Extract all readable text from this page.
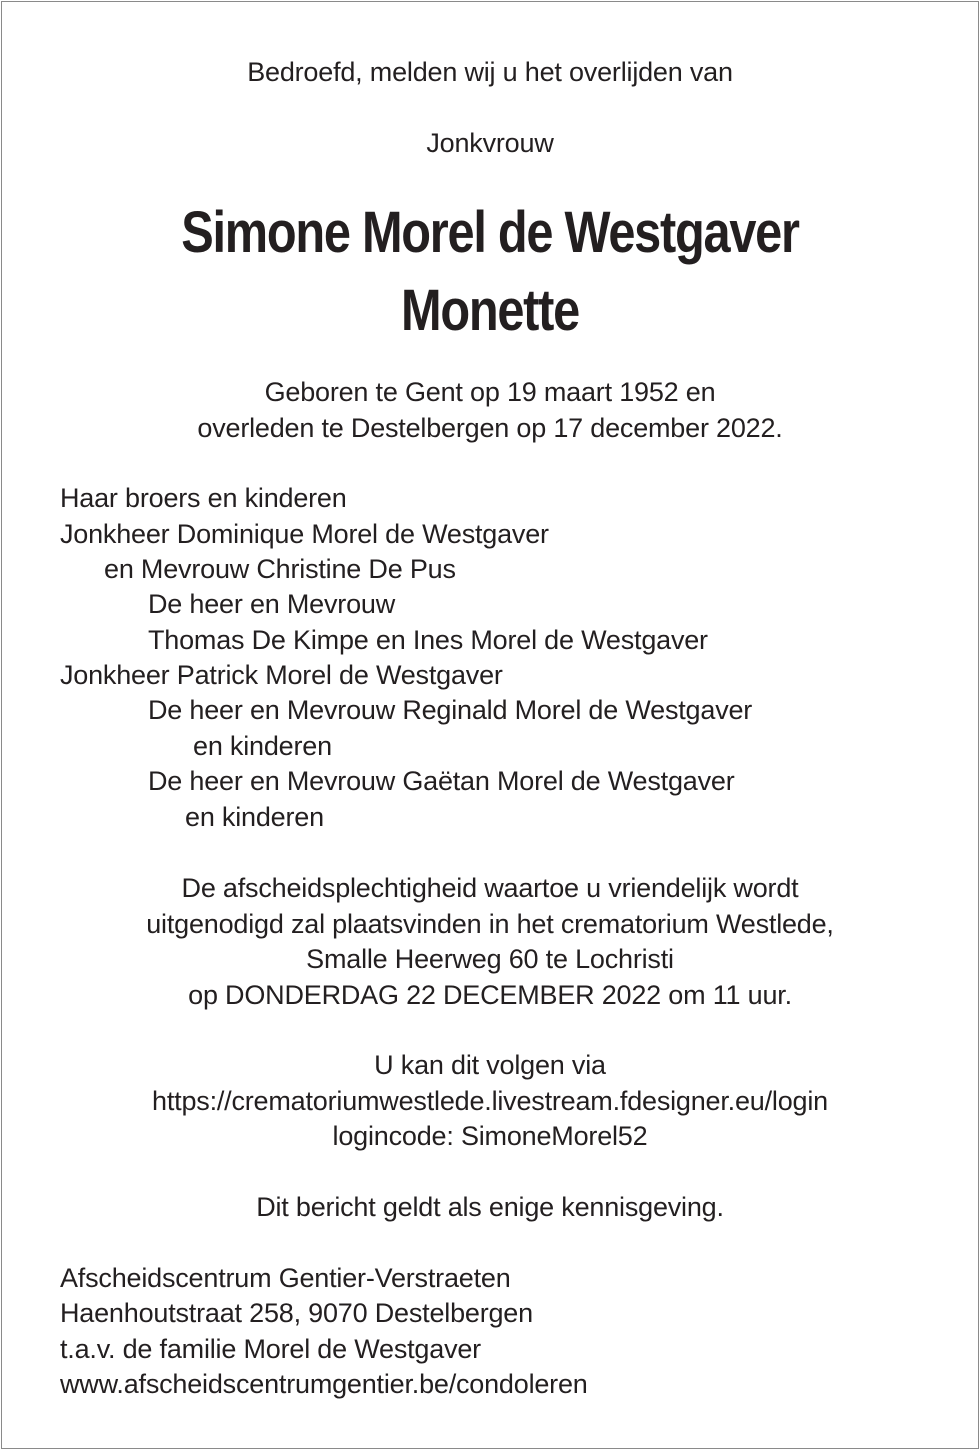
Bedroefd, melden wij u het overlijden van
Jonkvrouw
Simone Morel de Westgaver
Monette
Geboren te Gent op 19 maart 1952 en
overleden te Destelbergen op 17 december 2022.
Haar broers en kinderen
Jonkheer Dominique Morel de Westgaver
en Mevrouw Christine De Pus
De heer en Mevrouw
Thomas De Kimpe en Ines Morel de Westgaver
Jonkheer Patrick Morel de Westgaver
De heer en Mevrouw Reginald Morel de Westgaver
en kinderen
De heer en Mevrouw Gaëtan Morel de Westgaver
en kinderen
De afscheidsplechtigheid waartoe u vriendelijk wordt
uitgenodigd zal plaatsvinden in het crematorium Westlede,
Smalle Heerweg 60 te Lochristi
op DONDERDAG 22 DECEMBER 2022 om 11 uur.
U kan dit volgen via
https://crematoriumwestlede.livestream.fdesigner.eu/login
logincode: SimoneMorel52
Dit bericht geldt als enige kennisgeving.
Afscheidscentrum Gentier-Verstraeten
Haenhoutstraat 258, 9070 Destelbergen
t.a.v. de familie Morel de Westgaver
www.afscheidscentrumgentier.be/condoleren
